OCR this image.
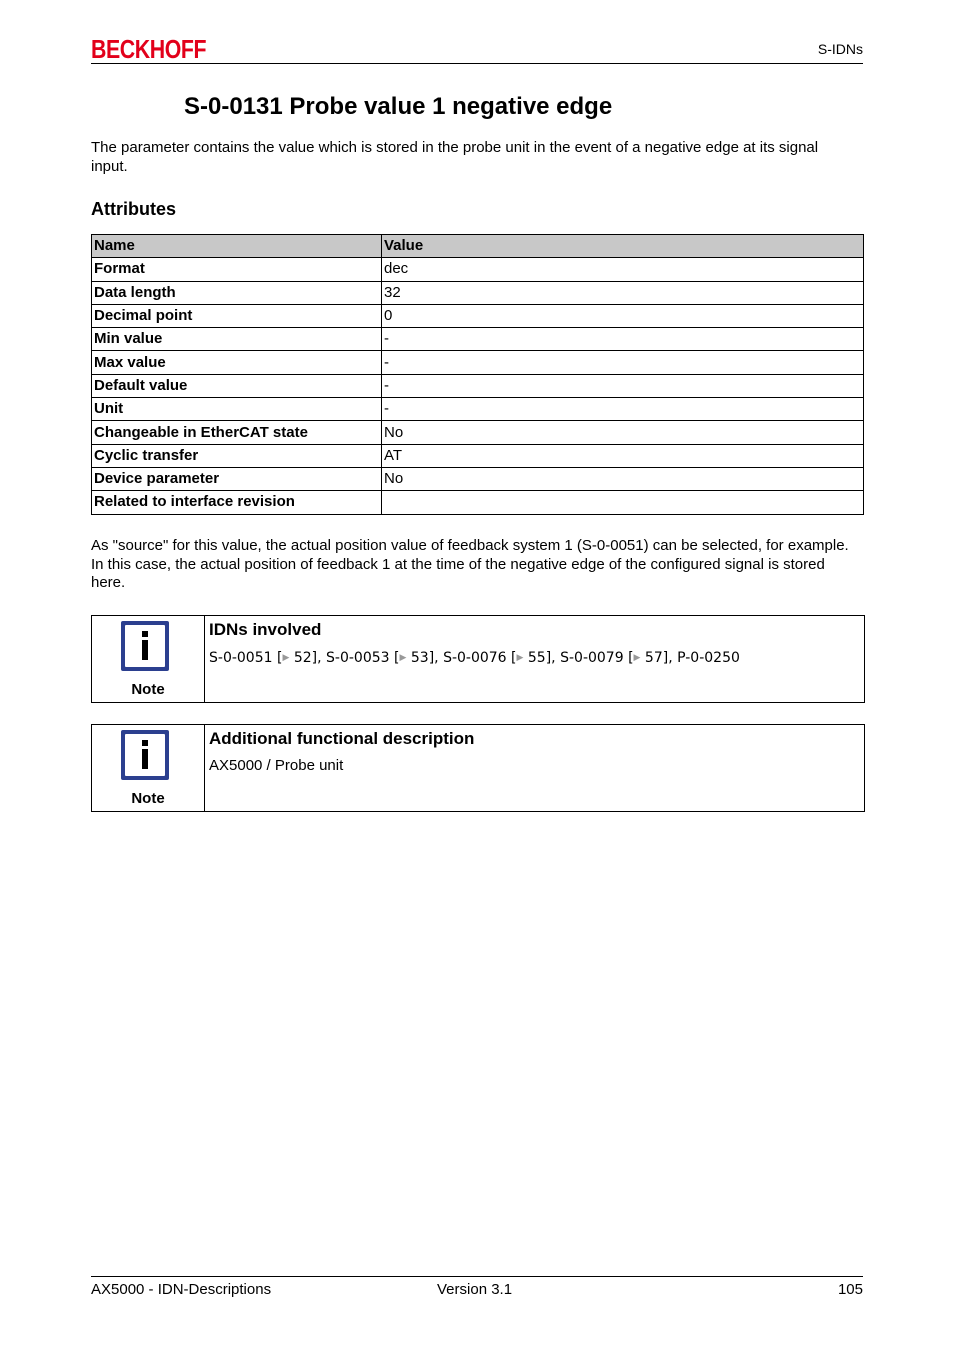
BECKHOFF	S-IDNs
S-0-0131 Probe value 1 negative edge

The parameter contains the value which is stored in the probe unit in the event of a negative edge at its signal input.

Attributes
Name	Value
Format	dec
Data length	32
Decimal point	0
Min value	-
Max value	-
Default value	-
Unit	-
Changeable in EtherCAT state	No
Cyclic transfer	AT
Device parameter	No
Related to interface revision	

As "source" for this value, the actual position value of feedback system 1 (S-0-0051) can be selected, for example. In this case, the actual position of feedback 1 at the time of the negative edge of the configured signal is stored here.

Note
IDNs involved
S-0-0051 [▶ 52], S-0-0053 [▶ 53], S-0-0076 [▶ 55], S-0-0079 [▶ 57], P-0-0250
Note
Additional functional description
AX5000 / Probe unit
AX5000 - IDN-Descriptions	Version 3.1	105
